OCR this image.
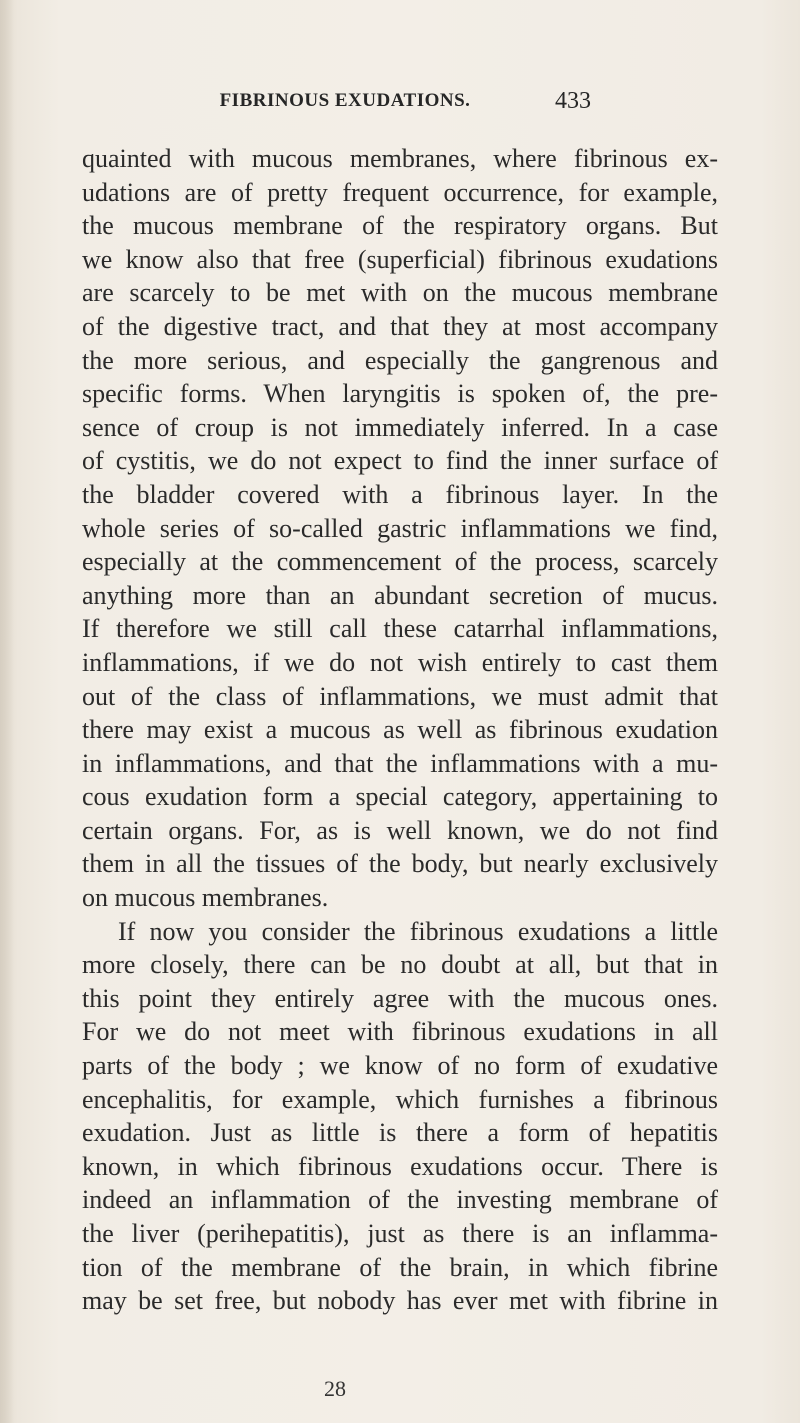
FIBRINOUS EXUDATIONS.	433
quainted with mucous membranes, where fibrinous ex-
udations are of pretty frequent occurrence, for example,
the mucous membrane of the respiratory organs. But
we know also that free (superficial) fibrinous exudations
are scarcely to be met with on the mucous membrane
of the digestive tract, and that they at most accompany
the more serious, and especially the gangrenous and
specific forms. When laryngitis is spoken of, the pre-
sence of croup is not immediately inferred. In a case
of cystitis, we do not expect to find the inner surface of
the bladder covered with a fibrinous layer. In the
whole series of so-called gastric inflammations we find,
especially at the commencement of the process, scarcely
anything more than an abundant secretion of mucus.
If therefore we still call these catarrhal inflammations,
inflammations, if we do not wish entirely to cast them
out of the class of inflammations, we must admit that
there may exist a mucous as well as fibrinous exudation
in inflammations, and that the inflammations with a mu-
cous exudation form a special category, appertaining to
certain organs. For, as is well known, we do not find
them in all the tissues of the body, but nearly exclusively
on mucous membranes.
If now you consider the fibrinous exudations a little
more closely, there can be no doubt at all, but that in
this point they entirely agree with the mucous ones.
For we do not meet with fibrinous exudations in all
parts of the body ; we know of no form of exudative
encephalitis, for example, which furnishes a fibrinous
exudation. Just as little is there a form of hepatitis
known, in which fibrinous exudations occur. There is
indeed an inflammation of the investing membrane of
the liver (perihepatitis), just as there is an inflamma-
tion of the membrane of the brain, in which fibrine
may be set free, but nobody has ever met with fibrine in
28
